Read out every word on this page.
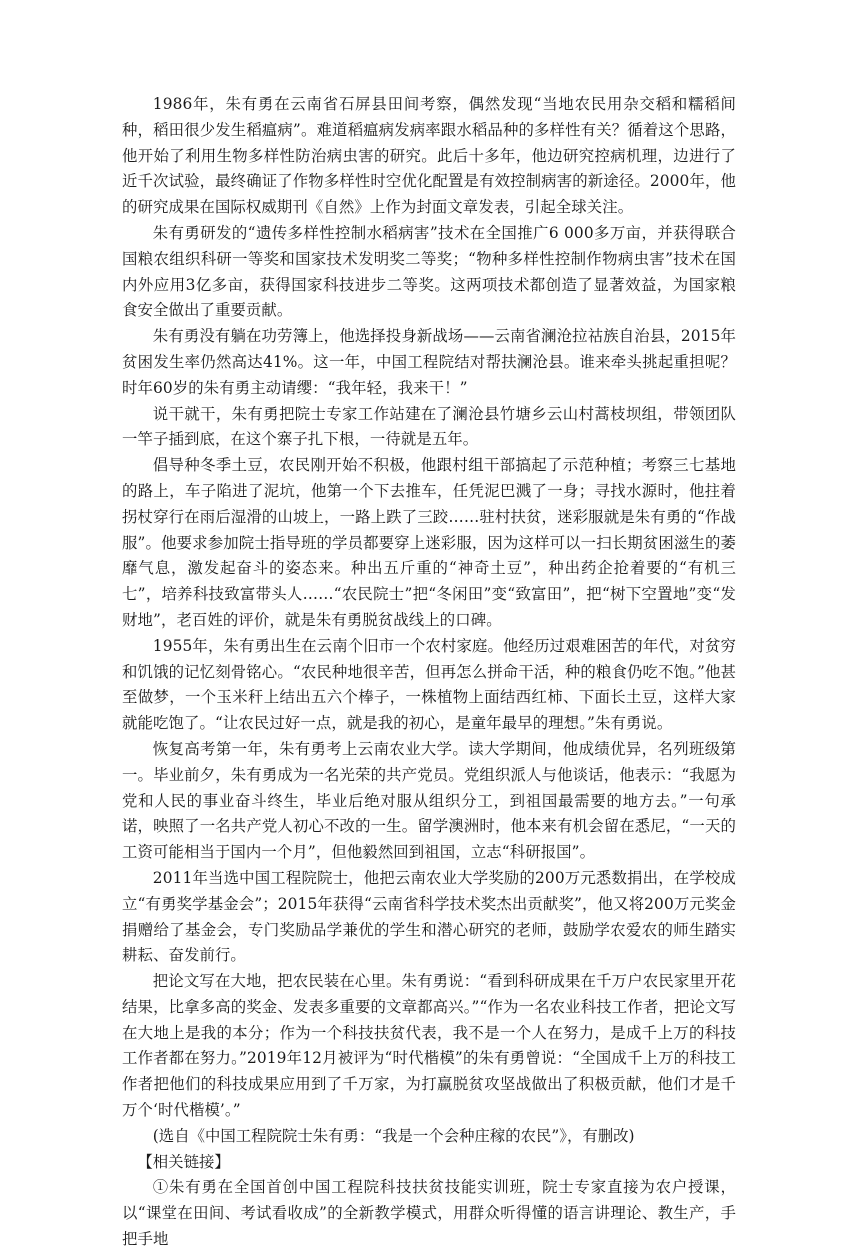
1986年，朱有勇在云南省石屏县田间考察，偶然发现“当地农民用杂交稻和糯稻间种，稻田很少发生稻瘟病”。难道稻瘟病发病率跟水稻品种的多样性有关？循着这个思路，他开始了利用生物多样性防治病虫害的研究。此后十多年，他边研究控病机理，边进行了近千次试验，最终确证了作物多样性时空优化配置是有效控制病害的新途径。2000年，他的研究成果在国际权威期刊《自然》上作为封面文章发表，引起全球关注。

朱有勇研发的“遗传多样性控制水稻病害”技术在全国推广6 000多万亩，并获得联合国粮农组织科研一等奖和国家技术发明奖二等奖；“物种多样性控制作物病虫害”技术在国内外应用3亿多亩，获得国家科技进步二等奖。这两项技术都创造了显著效益，为国家粮食安全做出了重要贡献。

朱有勇没有躺在功劳簿上，他选择投身新战场——云南省澜沧拉祜族自治县，2015年贫困发生率仍然高达41%。这一年，中国工程院结对帮扶澜沧县。谁来牵头挑起重担呢？时年60岁的朱有勇主动请缨：“我年轻，我来干！”

说干就干，朱有勇把院士专家工作站建在了澜沧县竹塘乡云山村蒿枝坝组，带领团队一竿子插到底，在这个寨子扎下根，一待就是五年。

倡导种冬季土豆，农民刚开始不积极，他跟村组干部搞起了示范种植；考察三七基地的路上，车子陷进了泥坑，他第一个下去推车，任凭泥巴溅了一身；寻找水源时，他拄着拐杖穿行在雨后湿滑的山坡上，一路上跌了三跤……驻村扶贫，迷彩服就是朱有勇的“作战服”。他要求参加院士指导班的学员都要穿上迷彩服，因为这样可以一扫长期贫困滋生的萎靡气息，激发起奋斗的姿态来。种出五斤重的“神奇土豆”，种出药企抢着要的“有机三七”，培养科技致富带头人……“农民院士”把“冬闲田”变“致富田”，把“树下空置地”变“发财地”，老百姓的评价，就是朱有勇脱贫战线上的口碑。

1955年，朱有勇出生在云南个旧市一个农村家庭。他经历过艰难困苦的年代，对贫穷和饥饿的记忆刻骨铭心。“农民种地很辛苦，但再怎么拼命干活，种的粮食仍吃不饱。”他甚至做梦，一个玉米秆上结出五六个棒子，一株植物上面结西红柿、下面长土豆，这样大家就能吃饱了。“让农民过好一点，就是我的初心，是童年最早的理想。”朱有勇说。

恢复高考第一年，朱有勇考上云南农业大学。读大学期间，他成绩优异，名列班级第一。毕业前夕，朱有勇成为一名光荣的共产党员。党组织派人与他谈话，他表示：“我愿为党和人民的事业奋斗终生，毕业后绝对服从组织分工，到祖国最需要的地方去。”一句承诺，映照了一名共产党人初心不改的一生。留学澳洲时，他本来有机会留在悉尼，“一天的工资可能相当于国内一个月”，但他毅然回到祖国，立志“科研报国”。

2011年当选中国工程院院士，他把云南农业大学奖励的200万元悉数捐出，在学校成立“有勇奖学基金会”；2015年获得“云南省科学技术奖杰出贡献奖”，他又将200万元奖金捐赠给了基金会，专门奖励品学兼优的学生和潜心研究的老师，鼓励学农爱农的师生踏实耕耘、奋发前行。

把论文写在大地，把农民装在心里。朱有勇说：“看到科研成果在千万户农民家里开花结果，比拿多高的奖金、发表多重要的文章都高兴。”“作为一名农业科技工作者，把论文写在大地上是我的本分；作为一个科技扶贫代表，我不是一个人在努力，是成千上万的科技工作者都在努力。”2019年12月被评为“时代楷模”的朱有勇曾说：“全国成千上万的科技工作者把他们的科技成果应用到了千万家，为打赢脱贫攻坚战做出了积极贡献，他们才是千万个‘时代楷模’。”

(选自《中国工程院院士朱有勇：“我是一个会种庄稼的农民”》，有删改)

【相关链接】

①朱有勇在全国首创中国工程院科技扶贫技能实训班，院士专家直接为农户授课，以“课堂在田间、考试看收成”的全新教学模式，用群众听得懂的语言讲理论、教生产，手把手地
